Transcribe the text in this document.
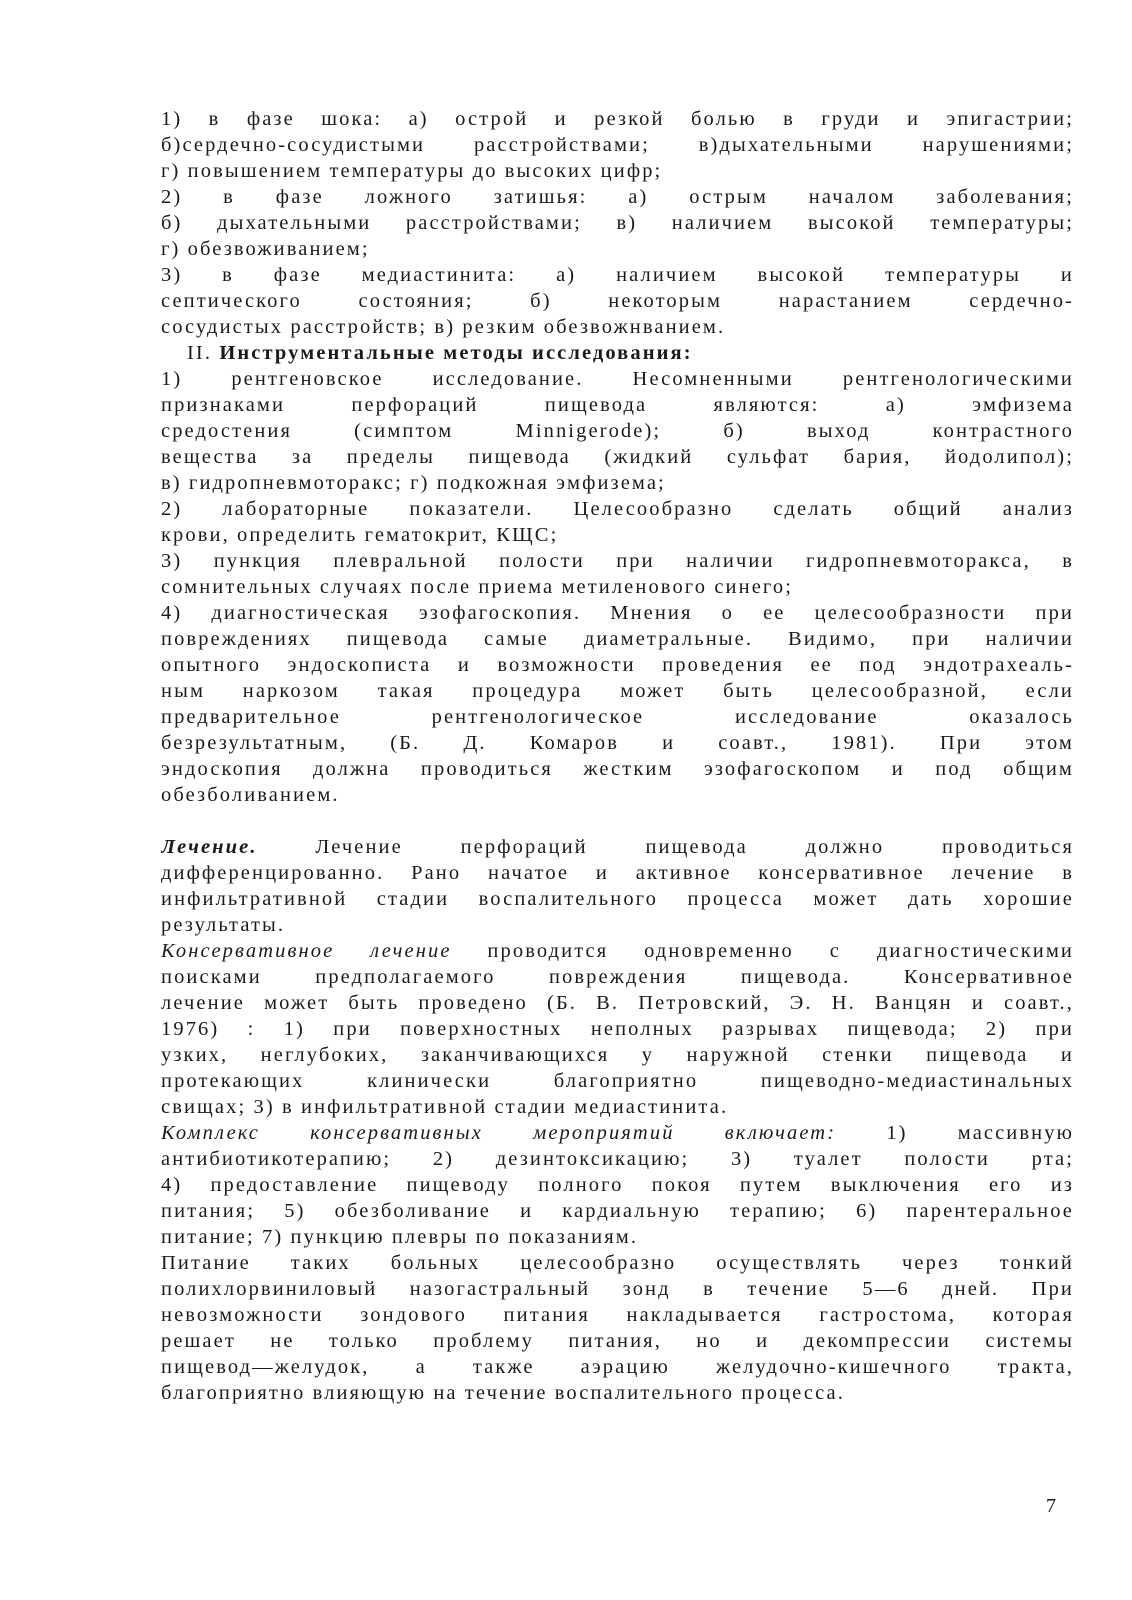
1) в фазе шока: а) острой и резкой болью в груди и эпигастрии;
б)сердечно-сосудистыми расстройствами; в)дыхательными нарушениями;
г) повышением температуры до высоких цифр;
2) в фазе ложного затишья: а) острым началом заболевания;
б) дыхательными расстройствами; в) наличием высокой температуры;
г) обезвоживанием;
3) в фазе медиастинита: а) наличием высокой температуры и
септического состояния; б) некоторым нарастанием сердечно-
сосудистых расстройств; в) резким обезвожнванием.
II. Инструментальные методы исследования:
1) рентгеновское исследование. Несомненными рентгенологическими
признаками перфораций пищевода являются: а) эмфизема
средостения (симптом Minnigerode); б) выход контрастного
вещества за пределы пищевода (жидкий сульфат бария, йодолипол);
в) гидропневмоторакс; г) подкожная эмфизема;
2) лабораторные показатели. Целесообразно сделать общий анализ
крови, определить гематокрит, КЩС;
3) пункция плевральной полости при наличии гидропневмоторакса, в
сомнительных случаях после приема метиленового синего;
4) диагностическая эзофагоскопия. Мнения о ее целесообразности при
повреждениях пищевода самые диаметральные. Видимо, при наличии
опытного эндоскописта и возможности проведения ее под эндотрахеаль-
ным наркозом такая процедура может быть целесообразной, если
предварительное рентгенологическое исследование оказалось
безрезультатным, (Б. Д. Комаров и соавт., 1981). При этом
эндоскопия должна проводиться жестким эзофагоскопом и под общим
обезболиванием.
Лечение. Лечение перфораций пищевода должно проводиться
дифференцированно. Рано начатое и активное консервативное лечение в
инфильтративной стадии воспалительного процесса может дать хорошие
результаты.
Консервативное лечение проводится одновременно с диагностическими
поисками предполагаемого повреждения пищевода. Консервативное
лечение может быть проведено (Б. В. Петровский, Э. Н. Ванцян и соавт.,
1976) : 1) при поверхностных неполных разрывах пищевода; 2) при
узких, неглубоких, заканчивающихся у наружной стенки пищевода и
протекающих клинически благоприятно пищеводно-медиастинальных
свищах; 3) в инфильтративной стадии медиастинита.
Комплекс консервативных мероприятий включает: 1) массивную
антибиотикотерапию; 2) дезинтоксикацию; 3) туалет полости рта;
4) предоставление пищеводу полного покоя путем выключения его из
питания; 5) обезболивание и кардиальную терапию; 6) парентеральное
питание; 7) пункцию плевры по показаниям.
Питание таких больных целесообразно осуществлять через тонкий
полихлорвиниловый назогастральный зонд в течение 5—6 дней. При
невозможности зондового питания накладывается гастростома, которая
решает не только проблему питания, но и декомпрессии системы
пищевод—желудок, а также аэрацию желудочно-кишечного тракта,
благоприятно влияющую на течение воспалительного процесса.
7
